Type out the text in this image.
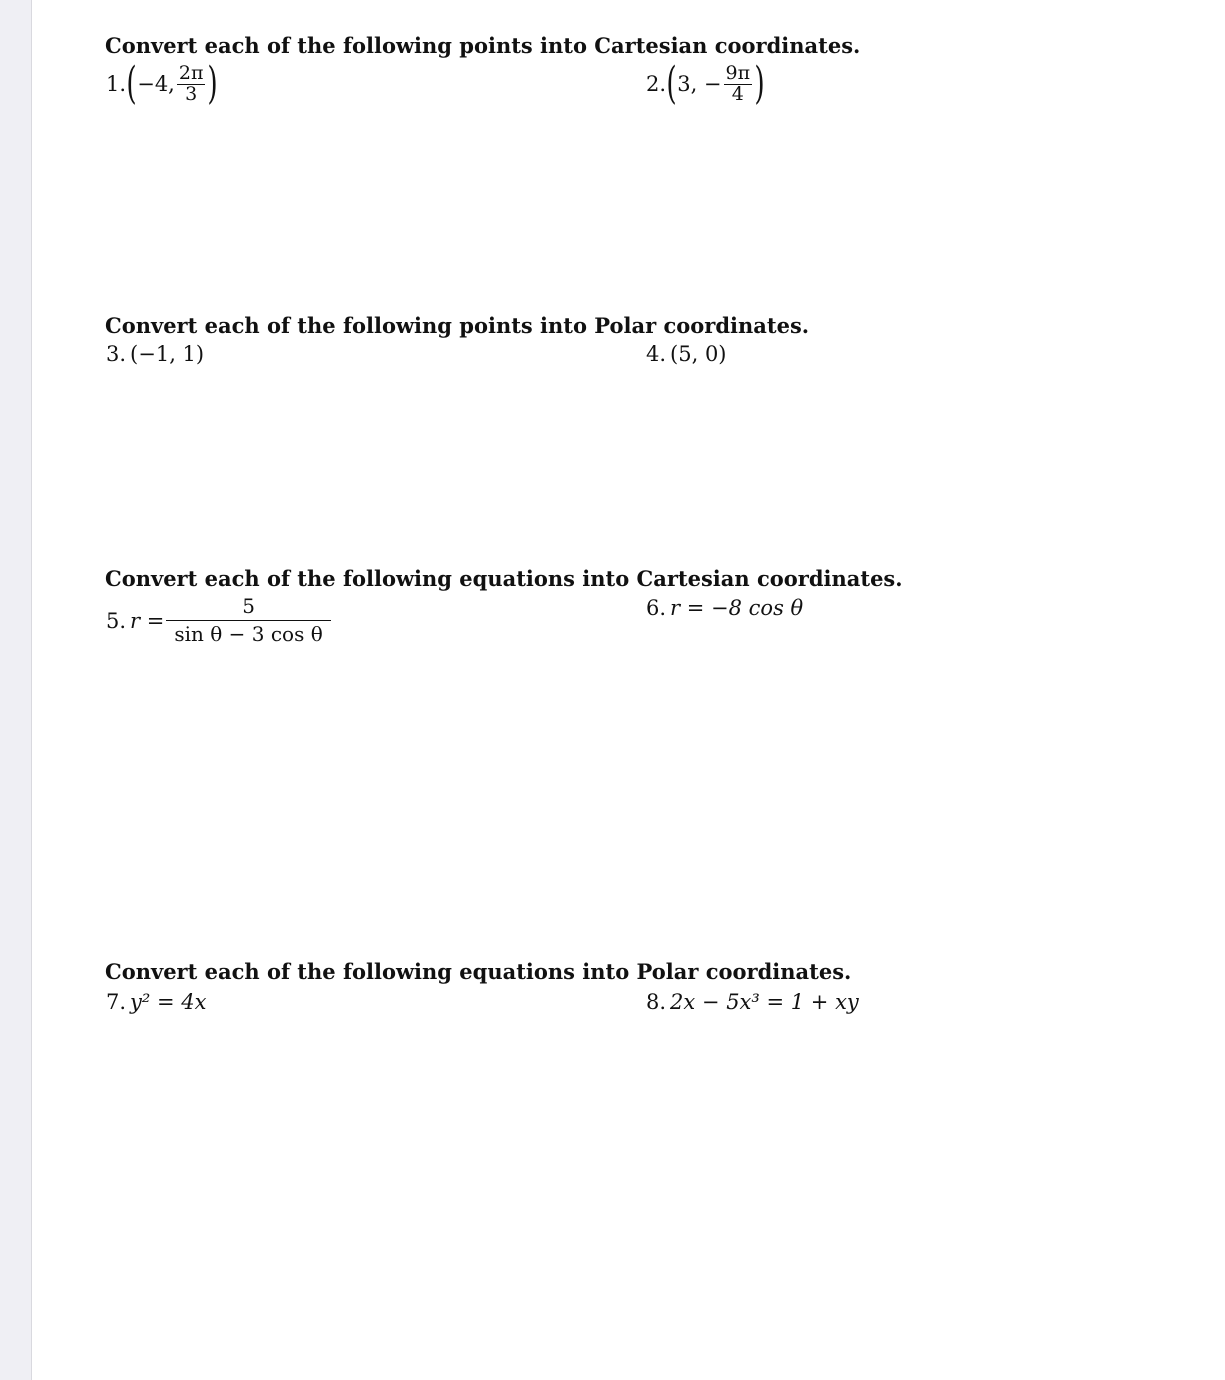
Convert each of the following points into Cartesian coordinates.
1. ( −4, $\frac{2\pi}{3}$ )	2. ( 3, − $\frac{9\pi}{4}$ )
Convert each of the following points into Polar coordinates.
3. (−1, 1)	4. (5, 0)
Convert each of the following equations into Cartesian coordinates.
5. $r = \frac{5}{\text{sin θ − 3 cos θ}}$	6. r = −8 cos θ
Convert each of the following equations into Polar coordinates.
7. y² = 4x	8. 2x − 5x³ = 1 + xy
